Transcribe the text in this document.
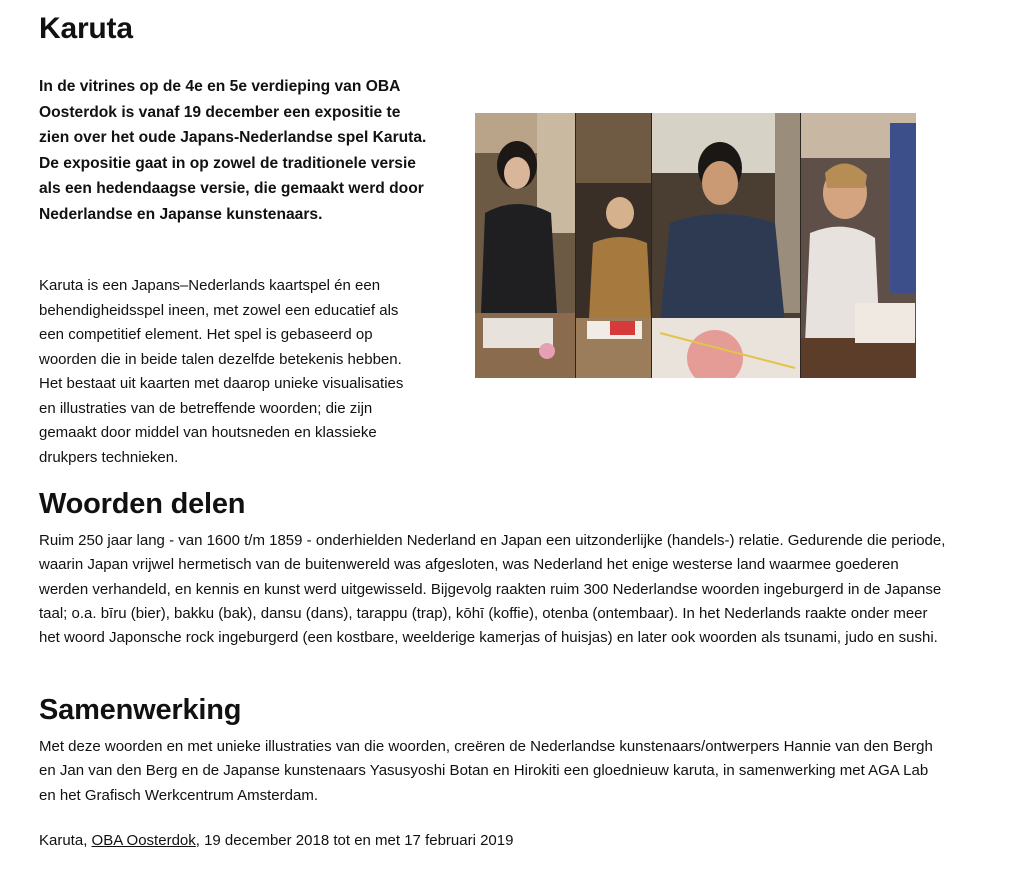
Karuta

In de vitrines op de 4e en 5e verdieping van OBA Oosterdok is vanaf 19 december een expositie te zien over het oude Japans-Nederlandse spel Karuta. De expositie gaat in op zowel de traditionele versie als een hedendaagse versie, die gemaakt werd door Nederlandse en Japanse kunstenaars.

Karuta is een Japans–Nederlands kaartspel én een behendigheidsspel ineen, met zowel een educatief als een competitief element. Het spel is gebaseerd op woorden die in beide talen dezelfde betekenis hebben. Het bestaat uit kaarten met daarop unieke visualisaties en illustraties van de betreffende woorden; die zijn gemaakt door middel van houtsneden en klassieke drukpers technieken.

Woorden delen

Ruim 250 jaar lang - van 1600 t/m 1859 - onderhielden Nederland en Japan een uitzonderlijke (handels-) relatie. Gedurende die periode, waarin Japan vrijwel hermetisch van de buitenwereld was afgesloten, was Nederland het enige westerse land waarmee goederen werden verhandeld, en kennis en kunst werd uitgewisseld. Bijgevolg raakten ruim 300 Nederlandse woorden ingeburgerd in de Japanse taal; o.a. bīru (bier), bakku (bak), dansu (dans), tarappu (trap), kōhī (koffie), otenba (ontembaar). In het Nederlands raakte onder meer het woord Japonsche rock ingeburgerd (een kostbare, weelderige kamerjas of huisjas) en later ook woorden als tsunami, judo en sushi.

Samenwerking

Met deze woorden en met unieke illustraties van die woorden, creëren de Nederlandse kunstenaars/ontwerpers Hannie van den Bergh en Jan van den Berg en de Japanse kunstenaars Yasusyoshi Botan en Hirokiti een gloednieuw karuta, in samenwerking met AGA Lab en het Grafisch Werkcentrum Amsterdam.

Karuta, OBA Oosterdok, 19 december 2018 tot en met 17 februari 2019
